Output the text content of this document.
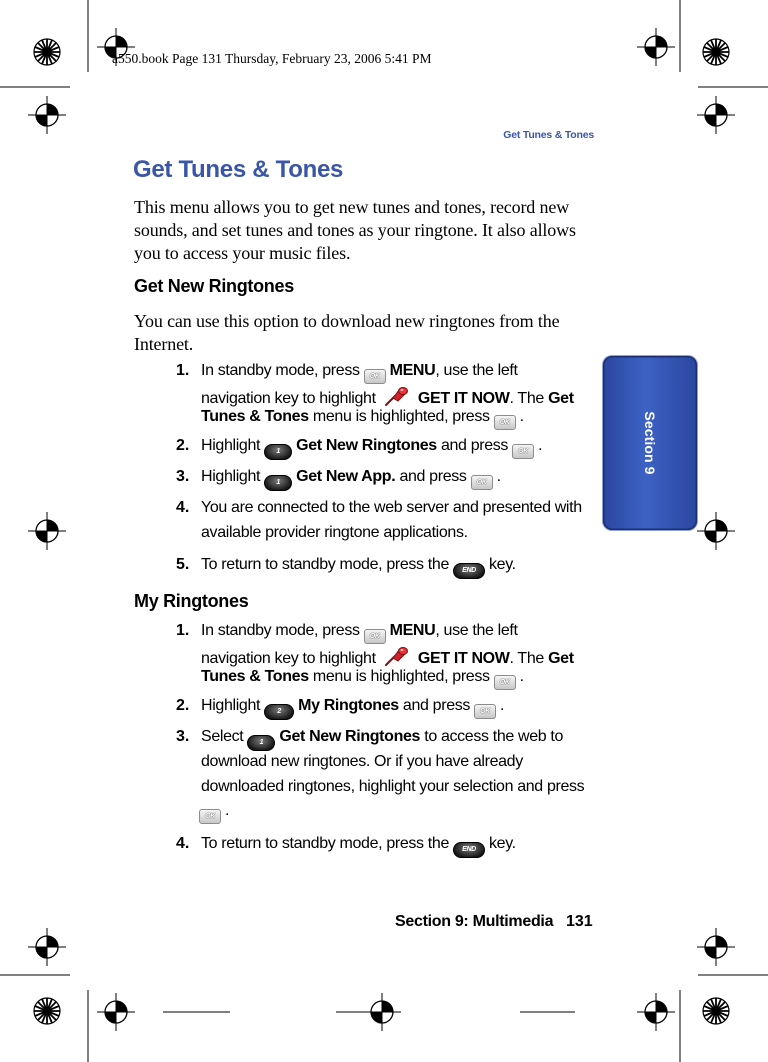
a550.book Page 131 Thursday, February 23, 2006 5:41 PM
Get Tunes & Tones
Section 9
Get Tunes & Tones
This menu allows you to get new tunes and tones, record new sounds, and set tunes and tones as your ringtone. It also allows you to access your music files.
Get New Ringtones
You can use this option to download new ringtones from the Internet.
1. In standby mode, press OK MENU, use the left
navigation key to highlight	GET IT NOW. The Get
Tunes & Tones menu is highlighted, press OK .
2. Highlight 1 Get New Ringtones and press OK .
3. Highlight 1 Get New App. and press OK .
4. You are connected to the web server and presented with
available provider ringtone applications.
5. To return to standby mode, press the END key.
My Ringtones
1. In standby mode, press OK MENU, use the left
navigation key to highlight	GET IT NOW. The Get
Tunes & Tones menu is highlighted, press OK .
2. Highlight 2 My Ringtones and press OK .
3. Select 1 Get New Ringtones to access the web to
download new ringtones. Or if you have already
downloaded ringtones, highlight your selection and press
OK .
4. To return to standby mode, press the END key.
Section 9: Multimedia 131
